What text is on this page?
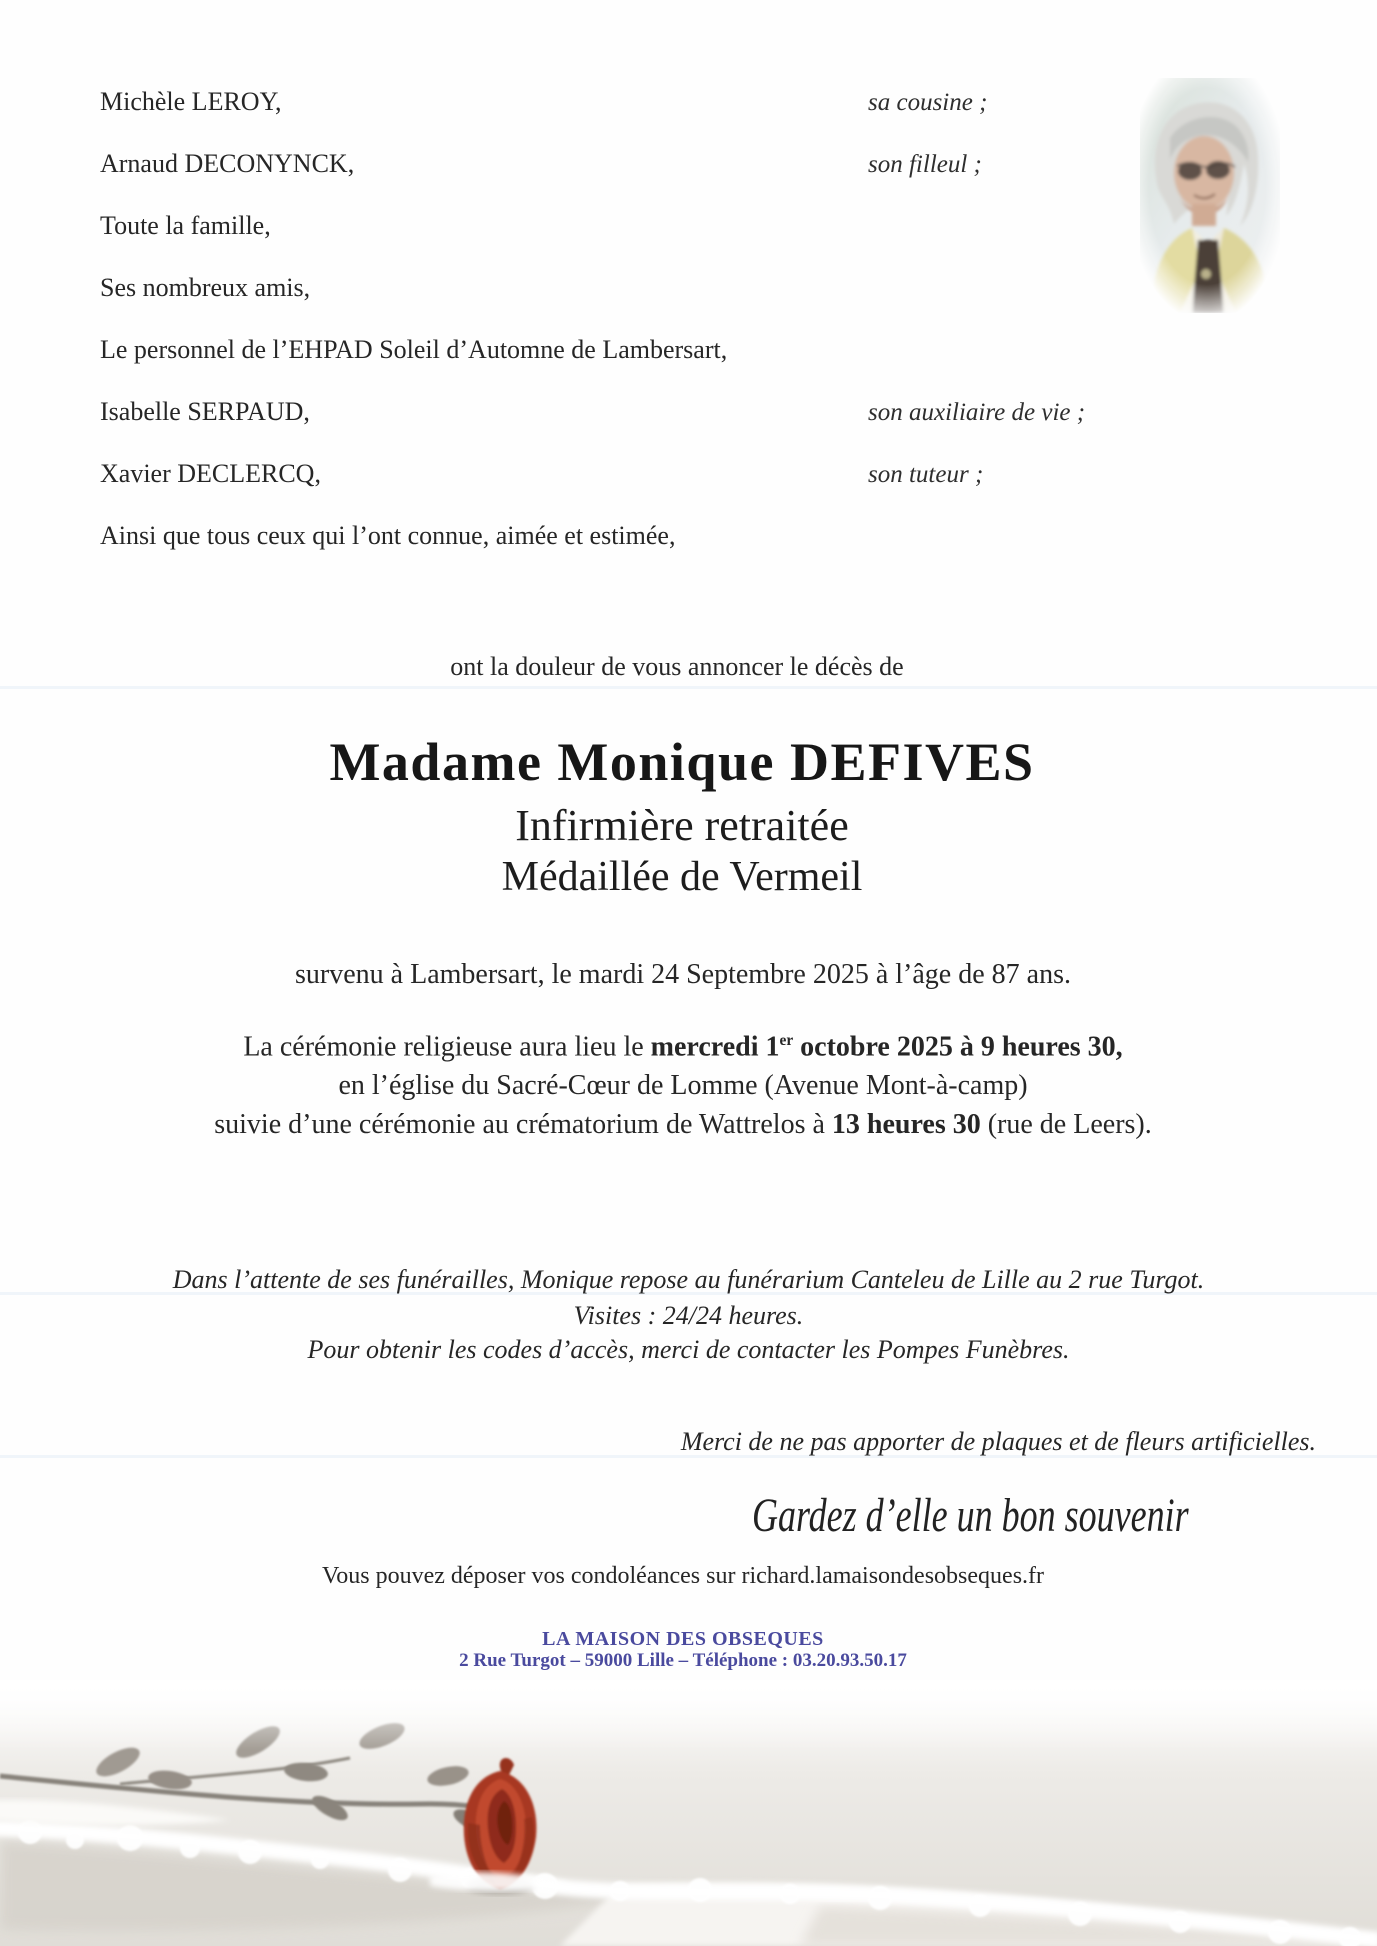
Michèle LEROY,	sa cousine ;
Arnaud DECONYNCK,	son filleul ;
Toute la famille,
Ses nombreux amis,
Le personnel de l’EHPAD Soleil d’Automne de Lambersart,
Isabelle SERPAUD,	son auxiliaire de vie ;
Xavier DECLERCQ,	son tuteur ;
Ainsi que tous ceux qui l’ont connue, aimée et estimée,
ont la douleur de vous annoncer le décès de
Madame Monique DEFIVES
Infirmière retraitée
Médaillée de Vermeil
survenu à Lambersart, le mardi 24 Septembre 2025 à l’âge de 87 ans.
La cérémonie religieuse aura lieu le mercredi 1er octobre 2025 à 9 heures 30,
en l’église du Sacré-Cœur de Lomme (Avenue Mont-à-camp)
suivie d’une cérémonie au crématorium de Wattrelos à 13 heures 30 (rue de Leers).
Dans l’attente de ses funérailles, Monique repose au funérarium Canteleu de Lille au 2 rue Turgot.
Visites : 24/24 heures.
Pour obtenir les codes d’accès, merci de contacter les Pompes Funèbres.
Merci de ne pas apporter de plaques et de fleurs artificielles.
Gardez d’elle un bon souvenir
Vous pouvez déposer vos condoléances sur richard.lamaisondesobseques.fr
LA MAISON DES OBSEQUES
2 Rue Turgot – 59000 Lille – Téléphone : 03.20.93.50.17
